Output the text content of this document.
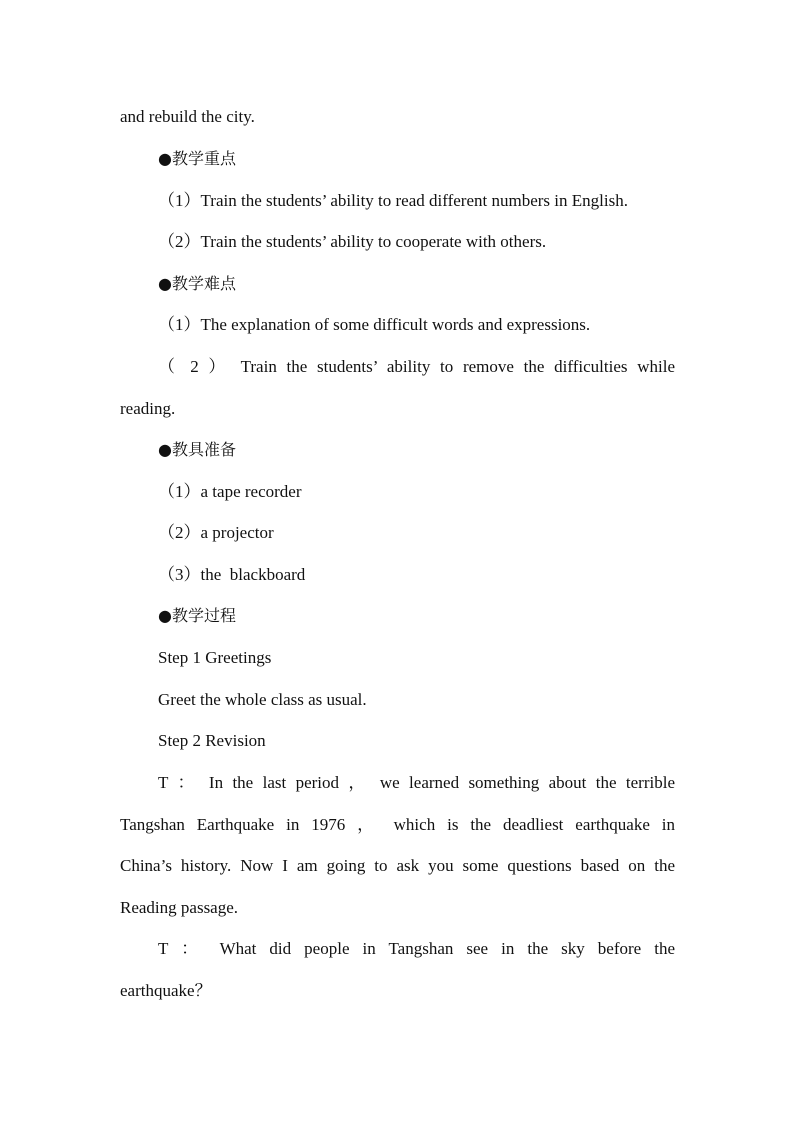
and rebuild the city.
●教学重点
（1）Train the students’ ability to read different numbers in English.
（2）Train the students’ ability to cooperate with others.
●教学难点
（1）The explanation of some difficult words and expressions.
（ 2 ） Train the students’ ability to remove the difficulties while
reading.
●教具准备
（1）a tape recorder
（2）a projector
（3）the  blackboard
●教学过程
Step 1 Greetings
Greet the whole class as usual.
Step 2 Revision
T ： In the last period ， we learned something about the terrible
Tangshan Earthquake in 1976 ， which is the deadliest earthquake in
China’s history. Now I am going to ask you some questions based on the
Reading passage.
T ： What did people in Tangshan see in the sky before the
earthquake？
